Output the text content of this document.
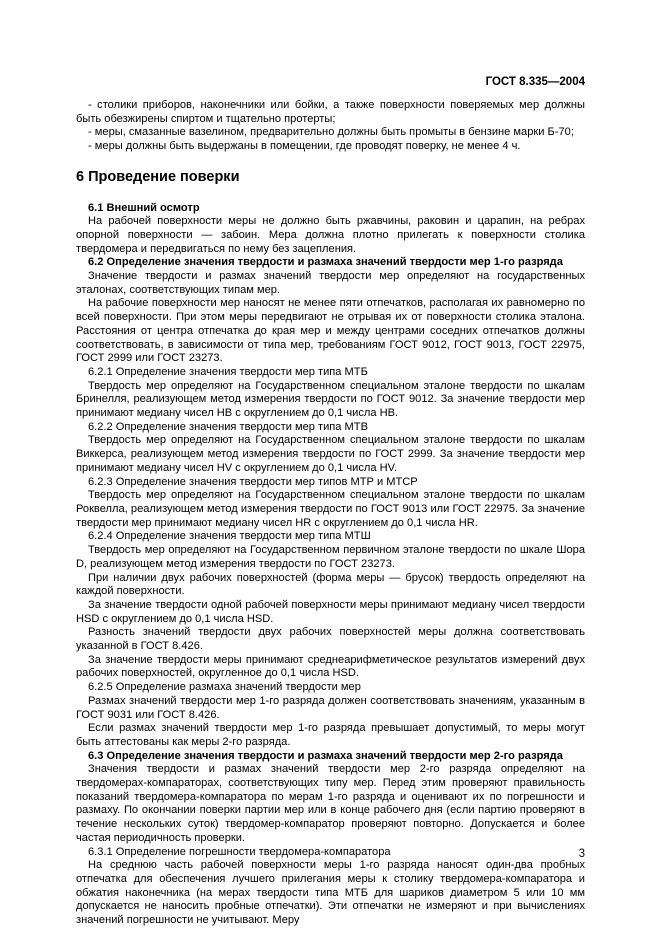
ГОСТ 8.335—2004

- столики приборов, наконечники или бойки, а также поверхности поверяемых мер должны быть обезжирены спиртом и тщательно протерты;

- меры, смазанные вазелином, предварительно должны быть промыты в бензине марки Б-70;

- меры должны быть выдержаны в помещении, где проводят поверку, не менее 4 ч.

6 Проведение поверки

6.1 Внешний осмотр

На рабочей поверхности меры не должно быть ржавчины, раковин и царапин, на ребрах опорной поверхности — забоин. Мера должна плотно прилегать к поверхности столика твердомера и передвигаться по нему без зацепления.

6.2 Определение значения твердости и размаха значений твердости мер 1-го разряда

Значение твердости и размах значений твердости мер определяют на государственных эталонах, соответствующих типам мер.

На рабочие поверхности мер наносят не менее пяти отпечатков, располагая их равномерно по всей поверхности. При этом меры передвигают не отрывая их от поверхности столика эталона. Расстояния от центра отпечатка до края мер и между центрами соседних отпечатков должны соответствовать, в зависимости от типа мер, требованиям ГОСТ 9012, ГОСТ 9013, ГОСТ 22975, ГОСТ 2999 или ГОСТ 23273.

6.2.1 Определение значения твердости мер типа МТБ

Твердость мер определяют на Государственном специальном эталоне твердости по шкалам Бринелля, реализующем метод измерения твердости по ГОСТ 9012. За значение твердости мер принимают медиану чисел НВ с округлением до 0,1 числа НВ.

6.2.2 Определение значения твердости мер типа МТВ

Твердость мер определяют на Государственном специальном эталоне твердости по шкалам Виккерса, реализующем метод измерения твердости по ГОСТ 2999. За значение твердости мер принимают медиану чисел HV с округлением до 0,1 числа HV.

6.2.3 Определение значения твердости мер типов МТР и МТСР

Твердость мер определяют на Государственном специальном эталоне твердости по шкалам Роквелла, реализующем метод измерения твердости по ГОСТ 9013 или ГОСТ 22975. За значение твердости мер принимают медиану чисел HR с округлением до 0,1 числа HR.

6.2.4 Определение значения твердости мер типа МТШ

Твердость мер определяют на Государственном первичном эталоне твердости по шкале Шора D, реализующем метод измерения твердости по ГОСТ 23273.

При наличии двух рабочих поверхностей (форма меры — брусок) твердость определяют на каждой поверхности.

За значение твердости одной рабочей поверхности меры принимают медиану чисел твердости HSD с округлением до 0,1 числа HSD.

Разность значений твердости двух рабочих поверхностей меры должна соответствовать указанной в ГОСТ 8.426.

За значение твердости меры принимают среднеарифметическое результатов измерений двух рабочих поверхностей, округленное до 0,1 числа HSD.

6.2.5 Определение размаха значений твердости мер

Размах значений твердости мер 1-го разряда должен соответствовать значениям, указанным в ГОСТ 9031 или ГОСТ 8.426.

Если размах значений твердости мер 1-го разряда превышает допустимый, то меры могут быть аттестованы как меры 2-го разряда.

6.3 Определение значения твердости и размаха значений твердости мер 2-го разряда

Значения твердости и размах значений твердости мер 2-го разряда определяют на твердомерах-компараторах, соответствующих типу мер. Перед этим проверяют правильность показаний твердомера-компаратора по мерам 1-го разряда и оценивают их по погрешности и размаху. По окончании поверки партии мер или в конце рабочего дня (если партию проверяют в течение нескольких суток) твердомер-компаратор проверяют повторно. Допускается и более частая периодичность проверки.

6.3.1 Определение погрешности твердомера-компаратора

На среднюю часть рабочей поверхности меры 1-го разряда наносят один-два пробных отпечатка для обеспечения лучшего прилегания меры к столику твердомера-компаратора и обжатия наконечника (на мерах твердости типа МТБ для шариков диаметром 5 или 10 мм допускается не наносить пробные отпечатки). Эти отпечатки не измеряют и при вычислениях значений погрешности не учитывают. Меру

3
